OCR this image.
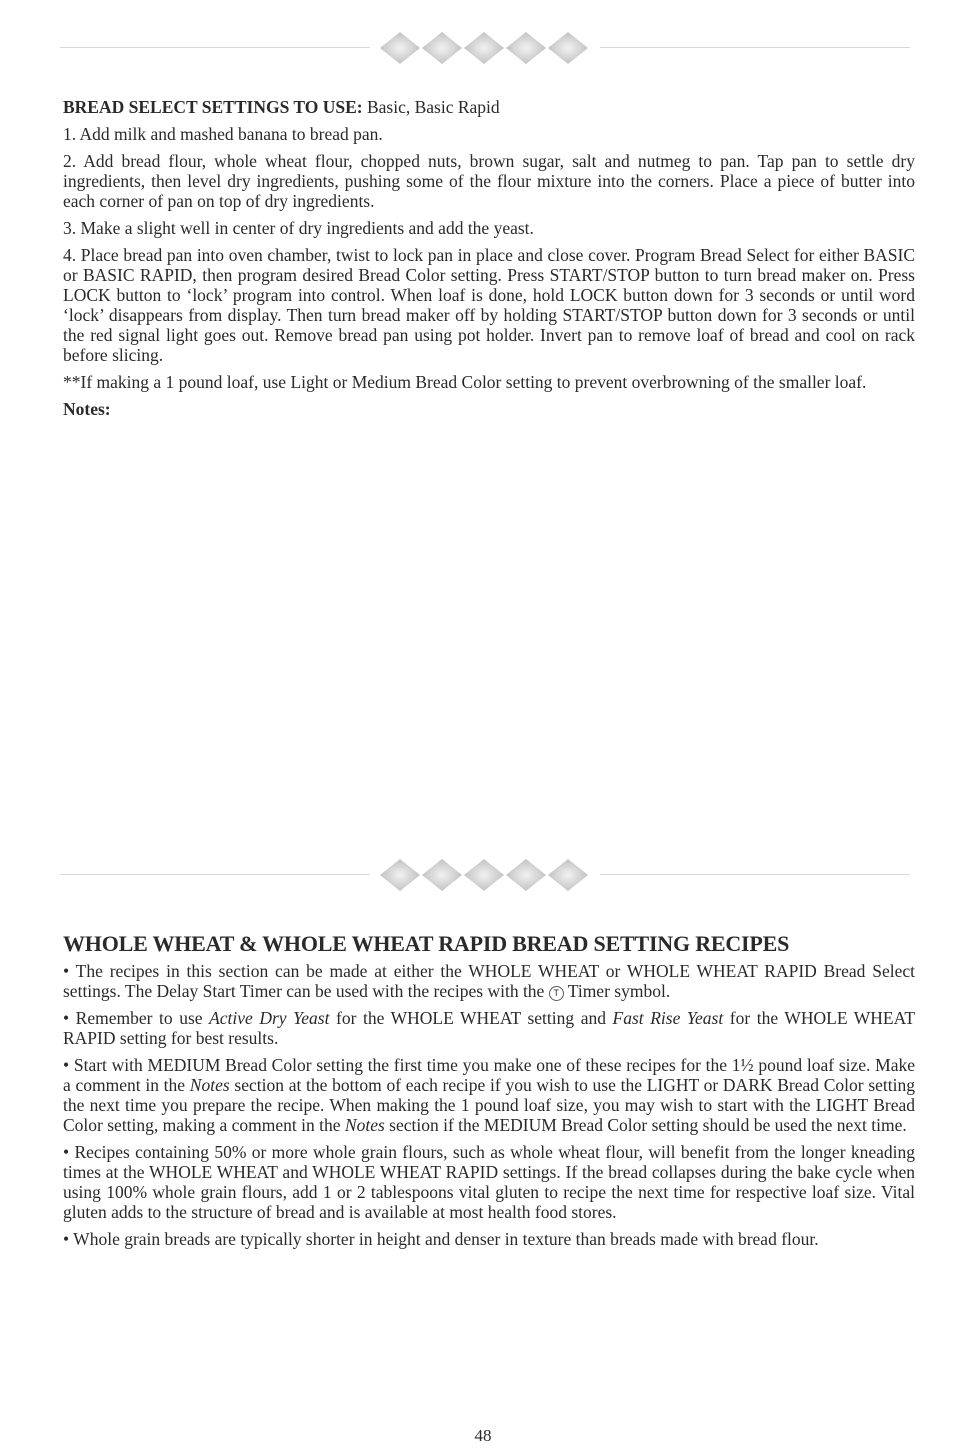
BREAD SELECT SETTINGS TO USE: Basic, Basic Rapid

1. Add milk and mashed banana to bread pan.

2. Add bread flour, whole wheat flour, chopped nuts, brown sugar, salt and nutmeg to pan. Tap pan to settle dry ingredients, then level dry ingredients, pushing some of the flour mixture into the corners. Place a piece of butter into each corner of pan on top of dry ingredients.

3. Make a slight well in center of dry ingredients and add the yeast.

4. Place bread pan into oven chamber, twist to lock pan in place and close cover. Program Bread Select for either BASIC or BASIC RAPID, then program desired Bread Color setting. Press START/STOP button to turn bread maker on. Press LOCK button to ‘lock’ program into control. When loaf is done, hold LOCK button down for 3 seconds or until word ‘lock’ disappears from display. Then turn bread maker off by holding START/STOP button down for 3 seconds or until the red signal light goes out. Remove bread pan using pot holder. Invert pan to remove loaf of bread and cool on rack before slicing.

**If making a 1 pound loaf, use Light or Medium Bread Color setting to prevent overbrowning of the smaller loaf.

Notes:

WHOLE WHEAT & WHOLE WHEAT RAPID BREAD SETTING RECIPES

• The recipes in this section can be made at either the WHOLE WHEAT or WHOLE WHEAT RAPID Bread Select settings. The Delay Start Timer can be used with the recipes with the T Timer symbol.

• Remember to use Active Dry Yeast for the WHOLE WHEAT setting and Fast Rise Yeast for the WHOLE WHEAT RAPID setting for best results.

• Start with MEDIUM Bread Color setting the first time you make one of these recipes for the 1½ pound loaf size. Make a comment in the Notes section at the bottom of each recipe if you wish to use the LIGHT or DARK Bread Color setting the next time you prepare the recipe. When making the 1 pound loaf size, you may wish to start with the LIGHT Bread Color setting, making a comment in the Notes section if the MEDIUM Bread Color setting should be used the next time.

• Recipes containing 50% or more whole grain flours, such as whole wheat flour, will benefit from the longer kneading times at the WHOLE WHEAT and WHOLE WHEAT RAPID settings. If the bread collapses during the bake cycle when using 100% whole grain flours, add 1 or 2 tablespoons vital gluten to recipe the next time for respective loaf size. Vital gluten adds to the structure of bread and is available at most health food stores.

• Whole grain breads are typically shorter in height and denser in texture than breads made with bread flour.

48
